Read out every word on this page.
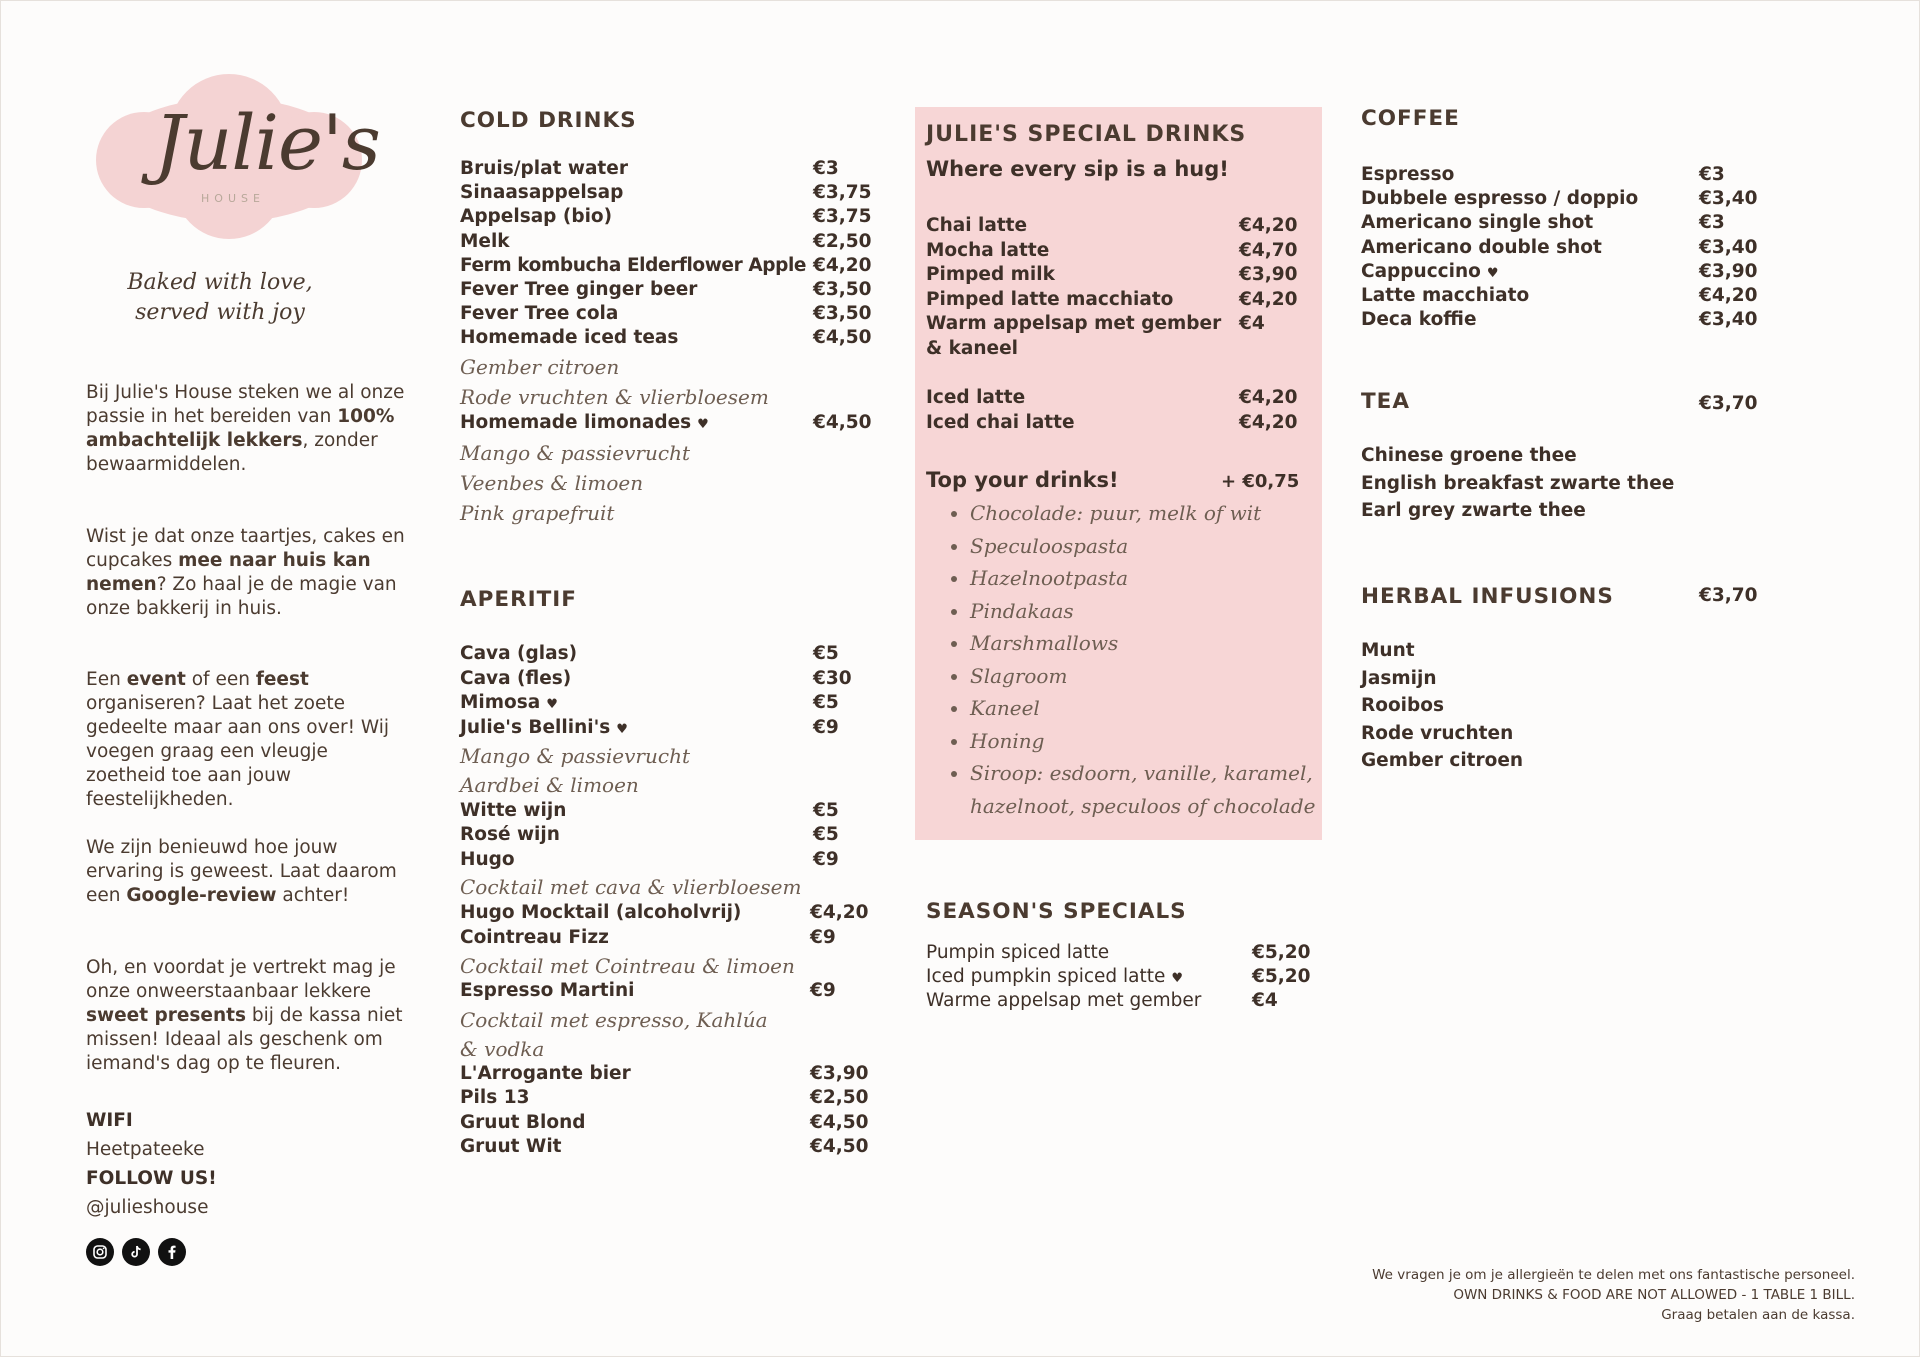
Julie's
HOUSE
Baked with love,
served with joy
Bij Julie's House steken we al onze passie in het bereiden van 100% ambachtelijk lekkers, zonder bewaarmiddelen.
Wist je dat onze taartjes, cakes en cupcakes mee naar huis kan nemen? Zo haal je de magie van onze bakkerij in huis.
Een event of een feest organiseren? Laat het zoete gedeelte maar aan ons over! Wij voegen graag een vleugje zoetheid toe aan jouw feestelijkheden.
We zijn benieuwd hoe jouw ervaring is geweest. Laat daarom een Google-review achter!
Oh, en voordat je vertrekt mag je onze onweerstaanbaar lekkere sweet presents bij de kassa niet missen! Ideaal als geschenk om iemand's dag op te fleuren.
WIFI
Heetpateeke
FOLLOW US!
@julieshouse
COLD DRINKS
Bruis/plat water	€3
Sinaasappelsap	€3,75
Appelsap (bio)	€3,75
Melk	€2,50
Ferm kombucha Elderflower Apple €4,20
Fever Tree ginger beer	€3,50
Fever Tree cola	€3,50
Homemade iced teas	€4,50
Gember citroen
Rode vruchten & vlierbloesem
Homemade limonades ♥	€4,50
Mango & passievrucht
Veenbes & limoen
Pink grapefruit
APERITIF
Cava (glas)	€5
Cava (fles)	€30
Mimosa ♥	€5
Julie's Bellini's ♥	€9
Mango & passievrucht
Aardbei & limoen
Witte wijn	€5
Rosé wijn	€5
Hugo	€9
Cocktail met cava & vlierbloesem
Hugo Mocktail (alcoholvrij)	€4,20
Cointreau Fizz	€9
Cocktail met Cointreau & limoen
Espresso Martini	€9
Cocktail met espresso, Kahlúa
& vodka
L'Arrogante bier	€3,90
Pils 13	€2,50
Gruut Blond	€4,50
Gruut Wit	€4,50
JULIE'S SPECIAL DRINKS
Where every sip is a hug!
Chai latte	€4,20
Mocha latte	€4,70
Pimped milk	€3,90
Pimped latte macchiato	€4,20
Warm appelsap met gember €4
& kaneel
Iced latte	€4,20
Iced chai latte	€4,20
Top your drinks!	+ €0,75
• Chocolade: puur, melk of wit
• Speculoospasta
• Hazelnootpasta
• Pindakaas
• Marshmallows
• Slagroom
• Kaneel
• Honing
• Siroop: esdoorn, vanille, karamel,
hazelnoot, speculoos of chocolade
SEASON'S SPECIALS
Pumpin spiced latte	€5,20
Iced pumpkin spiced latte ♥	€5,20
Warme appelsap met gember	€4
COFFEE
Espresso	€3
Dubbele espresso / doppio	€3,40
Americano single shot	€3
Americano double shot	€3,40
Cappuccino ♥	€3,90
Latte macchiato	€4,20
Deca koffie	€3,40
TEA	€3,70
Chinese groene thee
English breakfast zwarte thee
Earl grey zwarte thee
HERBAL INFUSIONS	€3,70
Munt
Jasmijn
Rooibos
Rode vruchten
Gember citroen
We vragen je om je allergieën te delen met ons fantastische personeel.
OWN DRINKS & FOOD ARE NOT ALLOWED - 1 TABLE 1 BILL.
Graag betalen aan de kassa.
